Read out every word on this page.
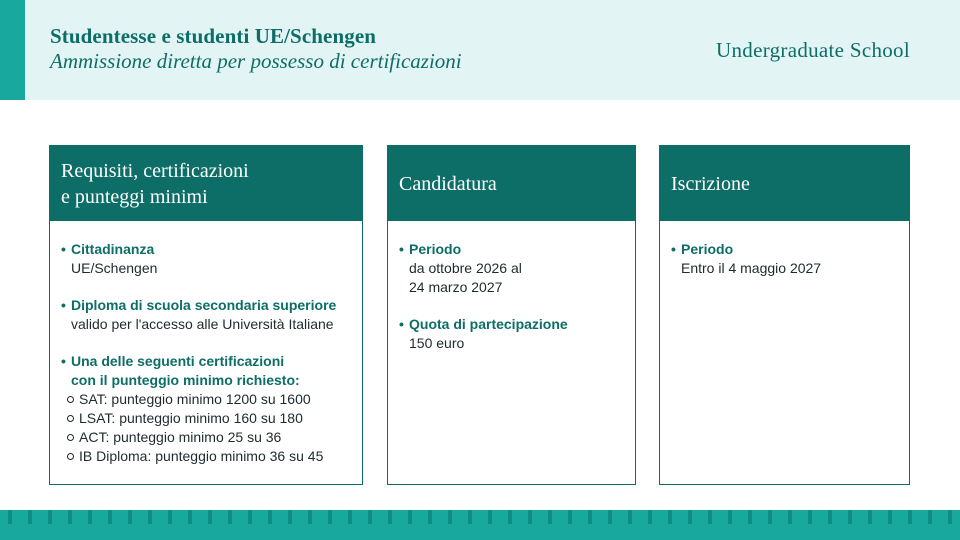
Studentesse e studenti UE/Schengen
Ammissione diretta per possesso di certificazioni	Undergraduate School
Requisiti, certificazioni
e punteggi minimi
• Cittadinanza
UE/Schengen
• Diploma di scuola secondaria superiore
valido per l'accesso alle Università Italiane
• Una delle seguenti certificazioni
con il punteggio minimo richiesto:
SAT: punteggio minimo 1200 su 1600
LSAT: punteggio minimo 160 su 180
ACT: punteggio minimo 25 su 36
IB Diploma: punteggio minimo 36 su 45
Candidatura
• Periodo
da ottobre 2026 al
24 marzo 2027
• Quota di partecipazione
150 euro
Iscrizione
• Periodo
Entro il 4 maggio 2027
